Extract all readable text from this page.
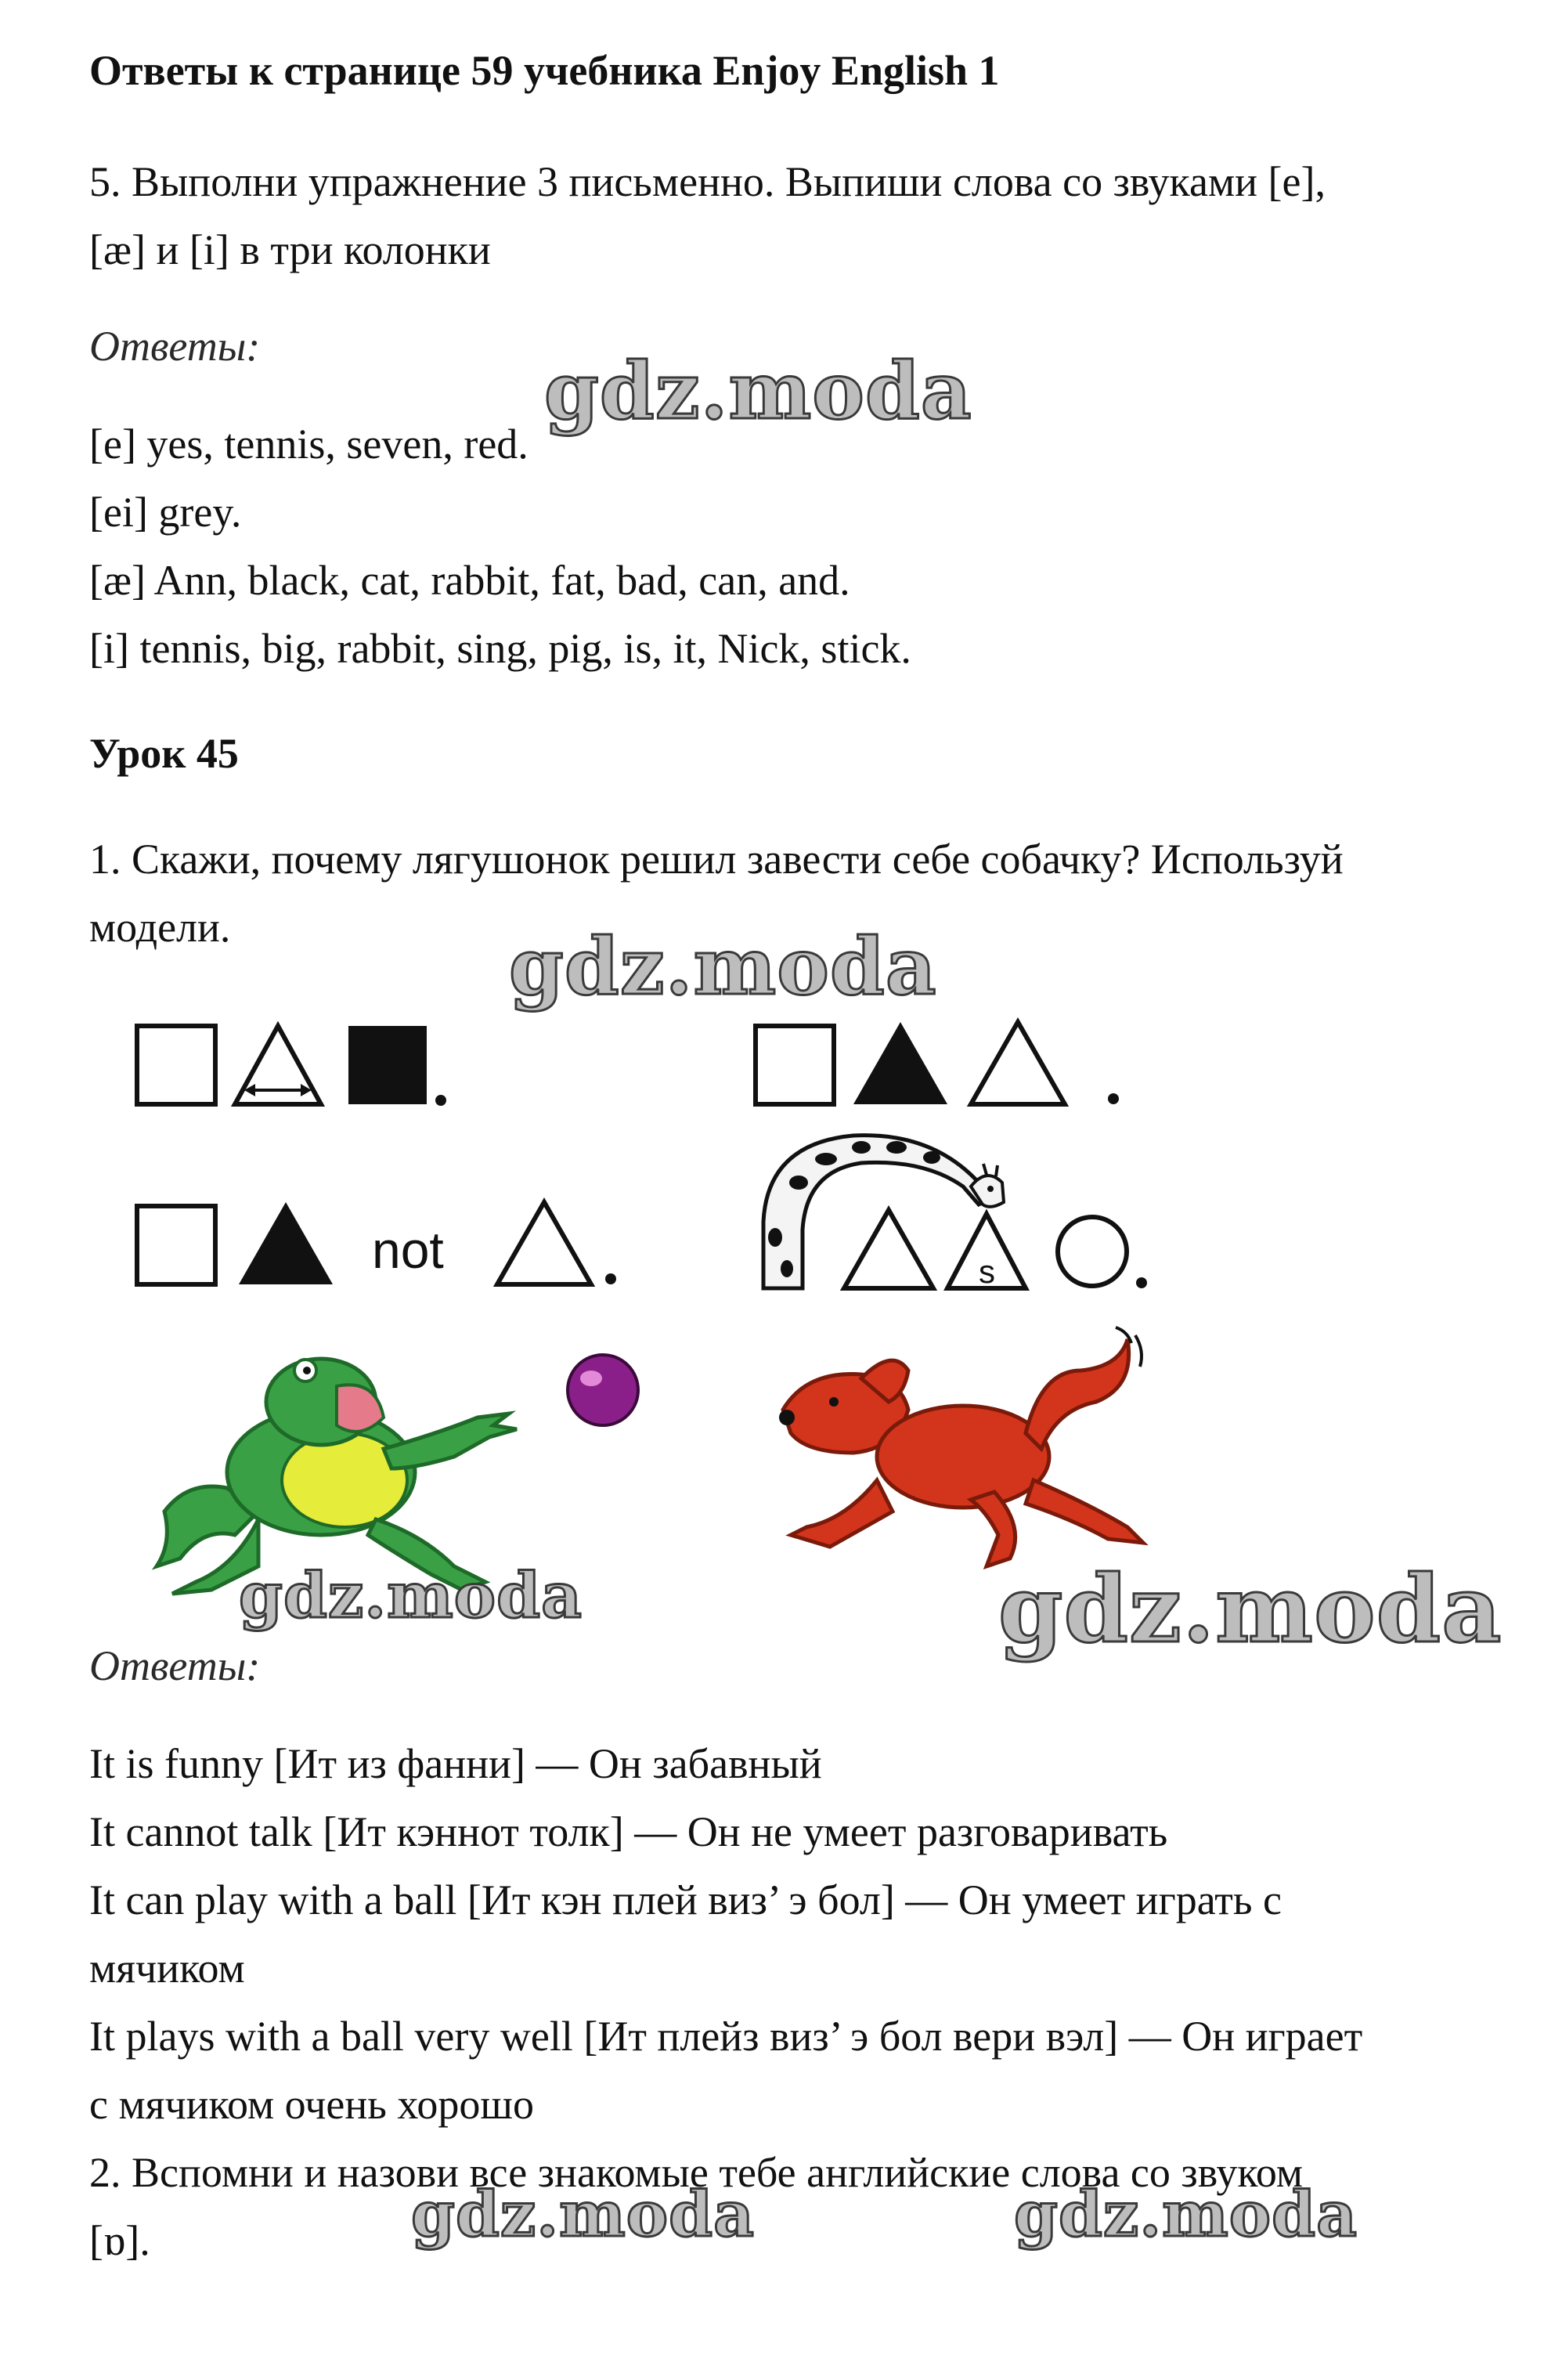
Ответы к странице 59 учебника Enjoy English 1
5. Выполни упражнение 3 письменно. Выпиши слова со звуками [e],
[æ] и [i] в три колонки
Ответы:
[e] yes, tennis, seven, red.
[ei] grey.
[æ] Ann, black, cat, rabbit, fat, bad, can, and.
[i] tennis, big, rabbit, sing, pig, is, it, Nick, stick.
Урок 45
1. Скажи, почему лягушонок решил завести себе собачку? Используй
модели.
not	s
Ответы:
It is funny [Ит из фанни] — Он забавный
It cannot talk [Ит кэннот толк] — Он не умеет разговаривать
It can play with a ball [Ит кэн плей виз’ э бол] — Он умеет играть с
мячиком
It plays with a ball very well [Ит плейз виз’ э бол вери вэл] — Он играет
с мячиком очень хорошо
2. Вспомни и назови все знакомые тебе английские слова со звуком
[ɒ].
gdz.moda
gdz.moda
gdz.moda	gdz.moda
gdz.moda	gdz.moda
